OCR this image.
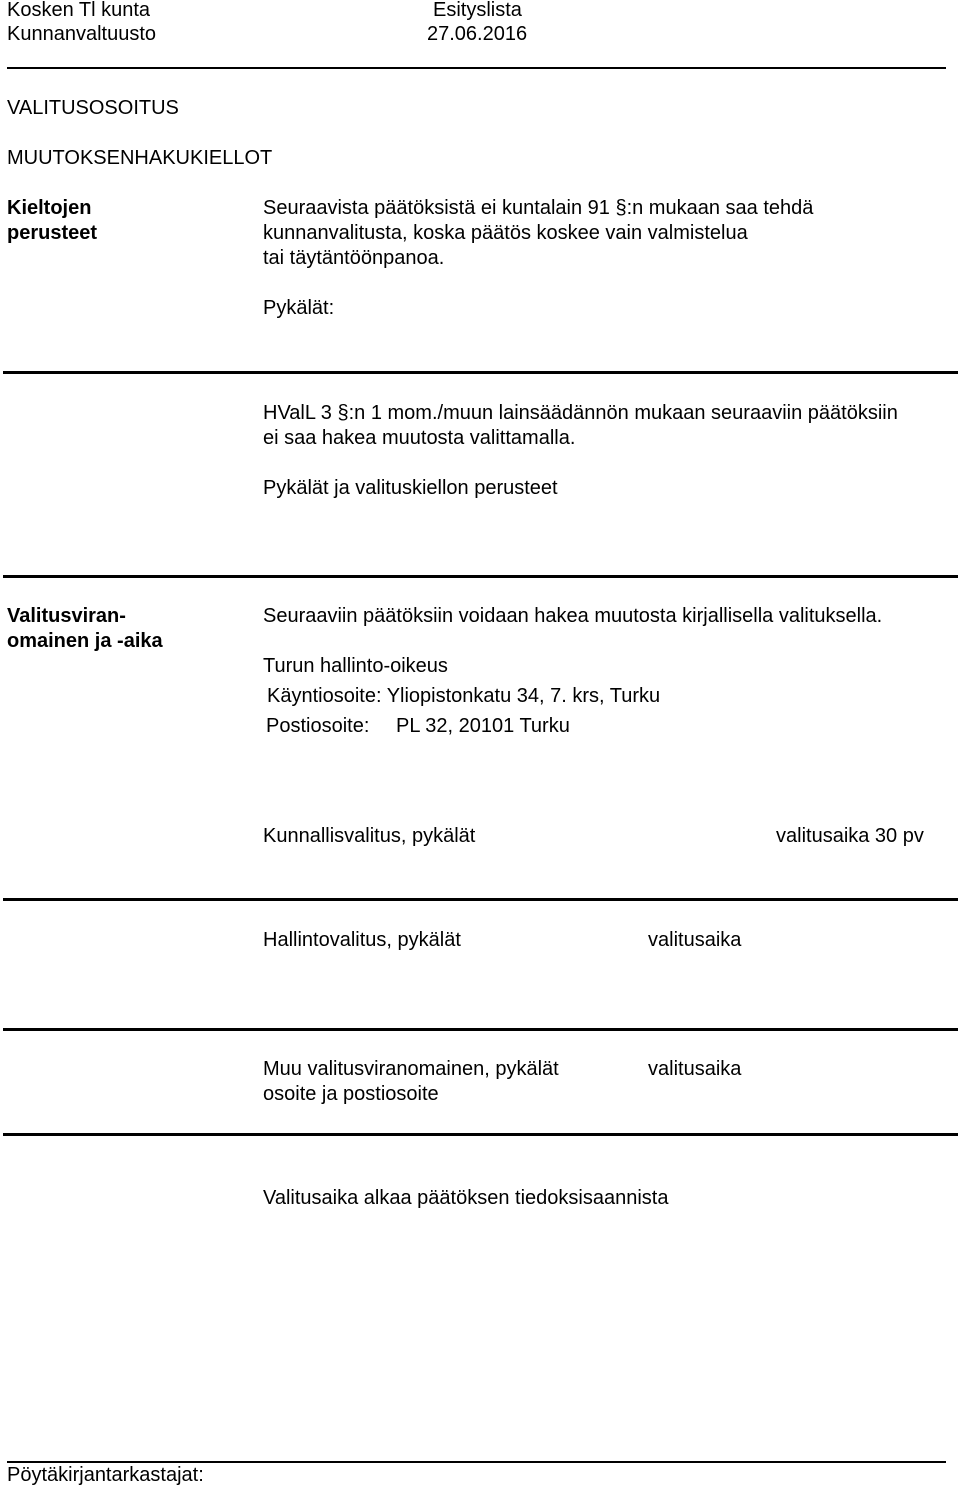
Kosken Tl kunta
Kunnanvaltuusto
Esityslista
27.06.2016
VALITUSOSOITUS
MUUTOKSENHAKUKIELLOT
Kieltojen
perusteet
Seuraavista päätöksistä ei kuntalain 91 §:n mukaan saa tehdä
kunnanvalitusta, koska päätös koskee vain valmistelua
tai täytäntöönpanoa.
Pykälät:
HValL 3 §:n 1 mom./muun lainsäädännön mukaan seuraaviin päätöksiin
ei saa hakea muutosta valittamalla.
Pykälät ja valituskiellon perusteet
Valitusviran-
omainen ja -aika
Seuraaviin päätöksiin voidaan hakea muutosta kirjallisella valituksella.
Turun hallinto-oikeus
Käyntiosoite: Yliopistonkatu 34, 7. krs, Turku
Postiosoite: PL 32, 20101 Turku
Kunnallisvalitus, pykälät	valitusaika 30 pv
Hallintovalitus, pykälät	valitusaika
Muu valitusviranomainen, pykälät
osoite ja postiosoite
valitusaika
Valitusaika alkaa päätöksen tiedoksisaannista
Pöytäkirjantarkastajat:
